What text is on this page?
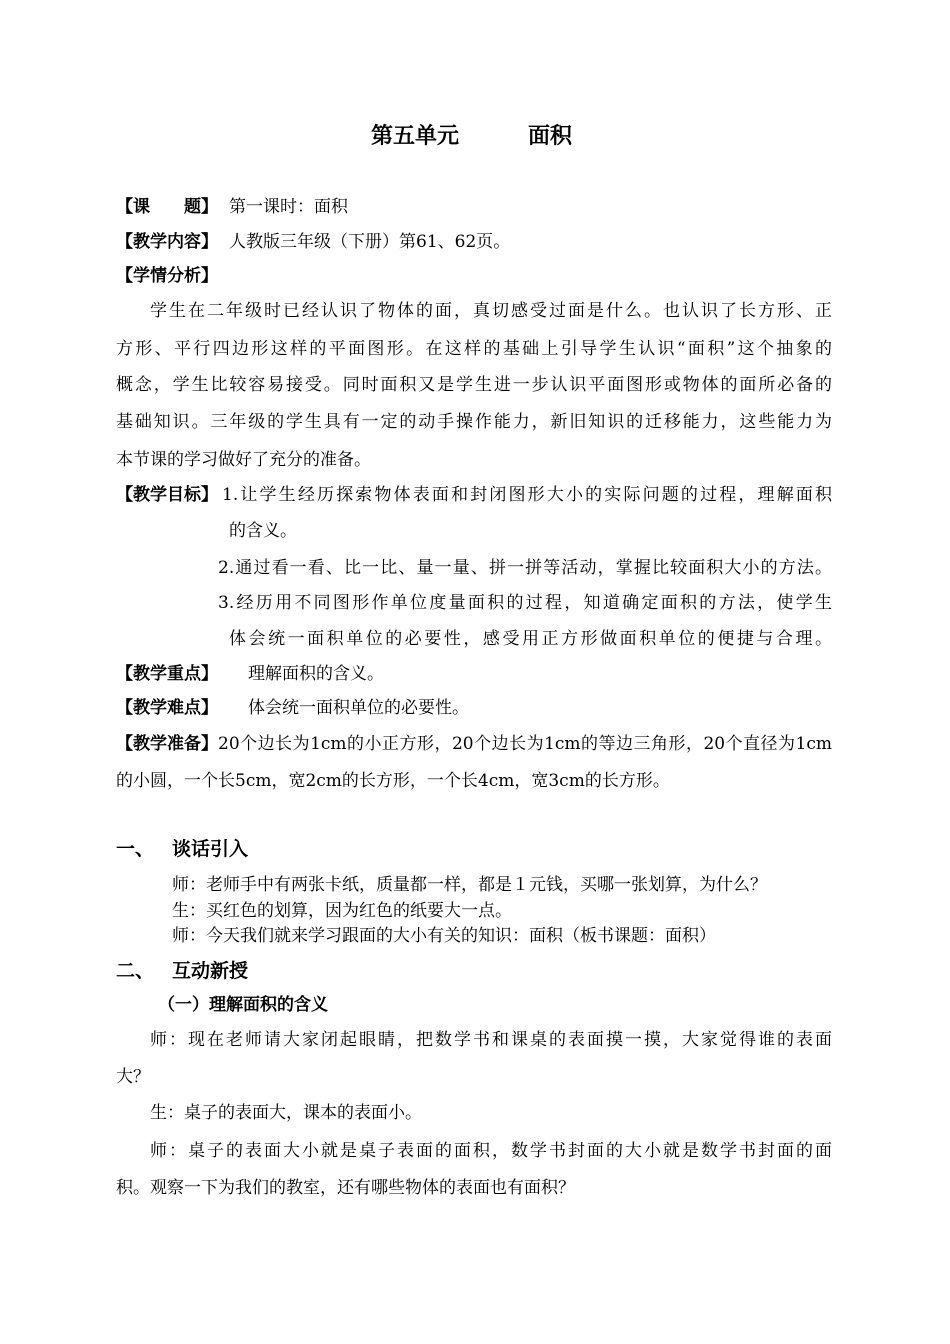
第五单元	面积
【课　　题】 第一课时：面积
【教学内容】 人教版三年级（下册）第61、62页。
【学情分析】
学生在二年级时已经认识了物体的面，真切感受过面是什么。也认识了长方形、正
方形、平行四边形这样的平面图形。在这样的基础上引导学生认识“面积”这个抽象的
概念，学生比较容易接受。同时面积又是学生进一步认识平面图形或物体的面所必备的
基础知识。三年级的学生具有一定的动手操作能力，新旧知识的迁移能力，这些能力为
本节课的学习做好了充分的准备。
【教学目标】 1.让学生经历探索物体表面和封闭图形大小的实际问题的过程，理解面积
的含义。
2.通过看一看、比一比、量一量、拼一拼等活动，掌握比较面积大小的方法。
3.经历用不同图形作单位度量面积的过程，知道确定面积的方法，使学生
体会统一面积单位的必要性，感受用正方形做面积单位的便捷与合理。
【教学重点】 理解面积的含义。
【教学难点】 体会统一面积单位的必要性。
【教学准备】 20个边长为1cm的小正方形，20个边长为1cm的等边三角形，20个直径为1cm
的小圆，一个长5cm，宽2cm的长方形，一个长4cm，宽3cm的长方形。
一、 谈话引入
师：老师手中有两张卡纸，质量都一样，都是１元钱，买哪一张划算，为什么？
生：买红色的划算，因为红色的纸要大一点。
师：今天我们就来学习跟面的大小有关的知识：面积（板书课题：面积）
二、 互动新授
（一）理解面积的含义
师：现在老师请大家闭起眼睛，把数学书和课桌的表面摸一摸，大家觉得谁的表面
大？
生：桌子的表面大，课本的表面小。
师：桌子的表面大小就是桌子表面的面积，数学书封面的大小就是数学书封面的面
积。观察一下为我们的教室，还有哪些物体的表面也有面积？
